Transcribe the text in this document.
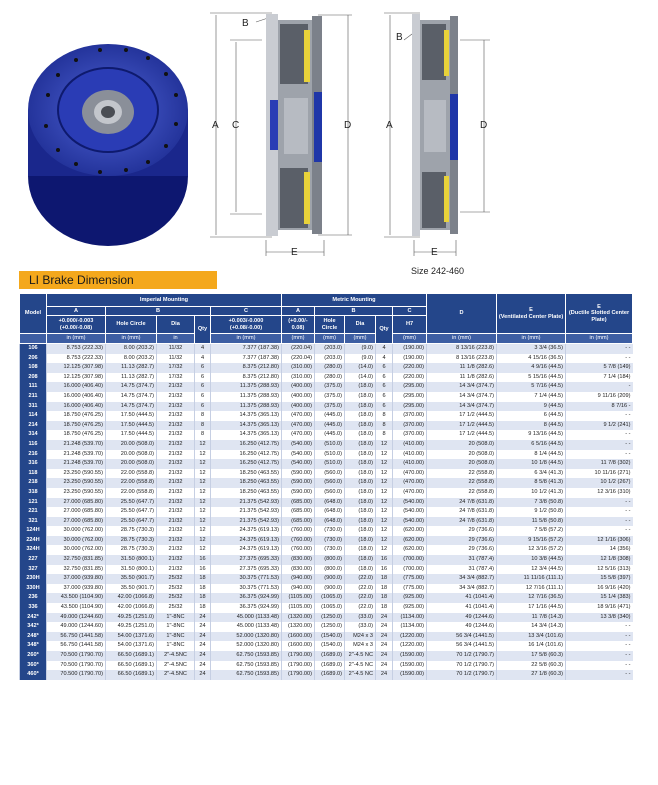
B
A C	D
E
B
A	D
E
Size 242-460
LI Brake Dimension
Model	Imperial Mounting					Metric Mounting					D	E
(Ventilated Center Plate)	E
(Ductile Slotted Center Plate)
	A	B			C	A	B			C			
	+0.000/-0.003 (+0.00/-0.08)	Hole Circle	Dia	Qty	+0.003/-0.000 (+0.08/-0.00)	(+0.00/- 0.08)	Hole Circle	Dia	Qty	H7			
	in (mm)	in (mm)	in		in (mm)	(mm)	(mm)	(mm)		(mm)	in (mm)	in (mm)	in (mm)
106	8.753 (222.33)	8.00 (203.2)	11/32	4	7.377 (187.38)	(220.04)	(203.0)	(9.0)	4	(190.00)	8 13/16 (223.8)	3 3/4 (36.5)	- -
206	8.753 (222.33)	8.00 (203.2)	11/32	4	7.377 (187.38)	(220.04)	(203.0)	(9.0)	4	(190.00)	8 13/16 (223.8)	4 15/16 (36.5)	- -
108	12.125 (307.98)	11.13 (282.7)	17/32	6	8.375 (212.80)	(310.00)	(280.0)	(14.0)	6	(220.00)	11 1/8 (282.6)	4 9/16 (44.5)	5 7/8 (149)
208	12.125 (307.98)	11.13 (282.7)	17/32	6	8.375 (212.80)	(310.00)	(280.0)	(14.0)	6	(220.00)	11 1/8 (282.6)	5 15/16 (44.5)	7 1/4 (184)
111	16.000 (406.40)	14.75 (374.7)	21/32	6	11.375 (288.93)	(400.00)	(375.0)	(18.0)	6	(295.00)	14 3/4 (374.7)	5 7/16 (44.5)	-
211	16.000 (406.40)	14.75 (374.7)	21/32	6	11.375 (288.93)	(400.00)	(375.0)	(18.0)	6	(295.00)	14 3/4 (374.7)	7 1/4 (44.5)	9 11/16 (209)
311	16.000 (406.40)	14.75 (374.7)	21/32	6	11.375 (288.93)	(400.00)	(375.0)	(18.0)	6	(295.00)	14 3/4 (374.7)	9 (44.5)	8 7/16 -
114	18.750 (476.25)	17.50 (444.5)	21/32	8	14.375 (365.13)	(470.00)	(445.0)	(18.0)	8	(370.00)	17 1/2 (444.5)	6 (44.5)	- -
214	18.750 (476.25)	17.50 (444.5)	21/32	8	14.375 (365.13)	(470.00)	(445.0)	(18.0)	8	(370.00)	17 1/2 (444.5)	8 (44.5)	9 1/2 (241)
314	18.750 (476.25)	17.50 (444.5)	21/32	8	14.375 (365.13)	(470.00)	(445.0)	(18.0)	8	(370.00)	17 1/2 (444.5)	9 13/16 (44.5)	- -
116	21.248 (539.70)	20.00 (508.0)	21/32	12	16.250 (412.75)	(540.00)	(510.0)	(18.0)	12	(410.00)	20 (508.0)	6 5/16 (44.5)	- -
216	21.248 (539.70)	20.00 (508.0)	21/32	12	16.250 (412.75)	(540.00)	(510.0)	(18.0)	12	(410.00)	20 (508.0)	8 1/4 (44.5)	- -
316	21.248 (539.70)	20.00 (508.0)	21/32	12	16.250 (412.75)	(540.00)	(510.0)	(18.0)	12	(410.00)	20 (508.0)	10 1/8 (44.5)	11 7/8 (302)
118	23.250 (590.55)	22.00 (558.8)	21/32	12	18.250 (463.55)	(590.00)	(560.0)	(18.0)	12	(470.00)	22 (558.8)	6 3/4 (41.3)	10 11/16 (271)
218	23.250 (590.55)	22.00 (558.8)	21/32	12	18.250 (463.55)	(590.00)	(560.0)	(18.0)	12	(470.00)	22 (558.8)	8 5/8 (41.3)	10 1/2 (267)
318	23.250 (590.55)	22.00 (558.8)	21/32	12	18.250 (463.55)	(590.00)	(560.0)	(18.0)	12	(470.00)	22 (558.8)	10 1/2 (41.3)	12 3/16 (310)
121	27.000 (685.80)	25.50 (647.7)	21/32	12	21.375 (542.93)	(685.00)	(648.0)	(18.0)	12	(540.00)	24 7/8 (631.8)	7 3/8 (50.8)	- -
221	27.000 (685.80)	25.50 (647.7)	21/32	12	21.375 (542.93)	(685.00)	(648.0)	(18.0)	12	(540.00)	24 7/8 (631.8)	9 1/2 (50.8)	- -
321	27.000 (685.80)	25.50 (647.7)	21/32	12	21.375 (542.93)	(685.00)	(648.0)	(18.0)	12	(540.00)	24 7/8 (631.8)	11 5/8 (50.8)	- -
124H	30.000 (762.00)	28.75 (730.3)	21/32	12	24.375 (619.13)	(760.00)	(730.0)	(18.0)	12	(620.00)	29 (736.6)	7 5/8 (57.2)	- -
224H	30.000 (762.00)	28.75 (730.3)	21/32	12	24.375 (619.13)	(760.00)	(730.0)	(18.0)	12	(620.00)	29 (736.6)	9 15/16 (57.2)	12 1/16 (306)
324H	30.000 (762.00)	28.75 (730.3)	21/32	12	24.375 (619.13)	(760.00)	(730.0)	(18.0)	12	(620.00)	29 (736.6)	12 3/16 (57.2)	14 (356)
227	32.750 (831.85)	31.50 (800.1)	21/32	16	27.375 (695.33)	(830.00)	(800.0)	(18.0)	16	(700.00)	31 (787.4)	10 3/8 (44.5)	12 1/8 (308)
327	32.750 (831.85)	31.50 (800.1)	21/32	16	27.375 (695.33)	(830.00)	(800.0)	(18.0)	16	(700.00)	31 (787.4)	12 3/4 (44.5)	12 5/16 (313)
230H	37.000 (939.80)	35.50 (901.7)	25/32	18	30.375 (771.53)	(940.00)	(900.0)	(22.0)	18	(775.00)	34 3/4 (882.7)	11 11/16 (111.1)	15 5/8 (397)
330H	37.000 (939.80)	35.50 (901.7)	25/32	18	30.375 (771.53)	(940.00)	(900.0)	(22.0)	18	(775.00)	34 3/4 (882.7)	12 7/16 (111.1)	16 9/16 (420)
236	43.500 (1104.90)	42.00 (1066.8)	25/32	18	36.375 (924.99)	(1105.00)	(1065.0)	(22.0)	18	(925.00)	41 (1041.4)	12 7/16 (36.5)	15 1/4 (383)
336	43.500 (1104.90)	42.00 (1066.8)	25/32	18	36.375 (924.99)	(1105.00)	(1065.0)	(22.0)	18	(925.00)	41 (1041.4)	17 1/16 (44.5)	18 9/16 (471)
242*	49.000 (1244.60)	49.25 (1251.0)	1"-8NC	24	45.000 (1133.48)	(1320.00)	(1250.0)	(33.0)	24	(1134.00)	49 (1244.6)	11 7/8 (14.3)	13 3/8 (340)
342*	49.000 (1244.60)	49.25 (1251.0)	1"-8NC	24	45.000 (1133.48)	(1320.00)	(1250.0)	(33.0)	24	(1134.00)	49 (1244.6)	14 3/4 (14.3)	- -
248*	56.750 (1441.58)	54.00 (1371.6)	1"-8NC	24	52.000 (1320.80)	(1600.00)	(1540.0)	M24 x 3	24	(1220.00)	56 3/4 (1441.5)	13 3/4 (101.6)	- -
348*	56.750 (1441.58)	54.00 (1371.6)	1"-8NC	24	52.000 (1320.80)	(1600.00)	(1540.0)	M24 x 3	24	(1220.00)	56 3/4 (1441.5)	16 1/4 (101.6)	- -
260*	70.500 (1790.70)	66.50 (1689.1)	2"-4.5NC	24	62.750 (1593.85)	(1790.00)	(1689.0)	2"-4.5 NC	24	(1590.00)	70 1/2 (1790.7)	17 5/8 (60.3)	- -
360*	70.500 (1790.70)	66.50 (1689.1)	2"-4.5NC	24	62.750 (1593.85)	(1790.00)	(1689.0)	2"-4.5 NC	24	(1590.00)	70 1/2 (1790.7)	22 5/8 (60.3)	- -
460*	70.500 (1790.70)	66.50 (1689.1)	2"-4.5NC	24	62.750 (1593.85)	(1790.00)	(1689.0)	2"-4.5 NC	24	(1590.00)	70 1/2 (1790.7)	27 1/8 (60.3)	- -
